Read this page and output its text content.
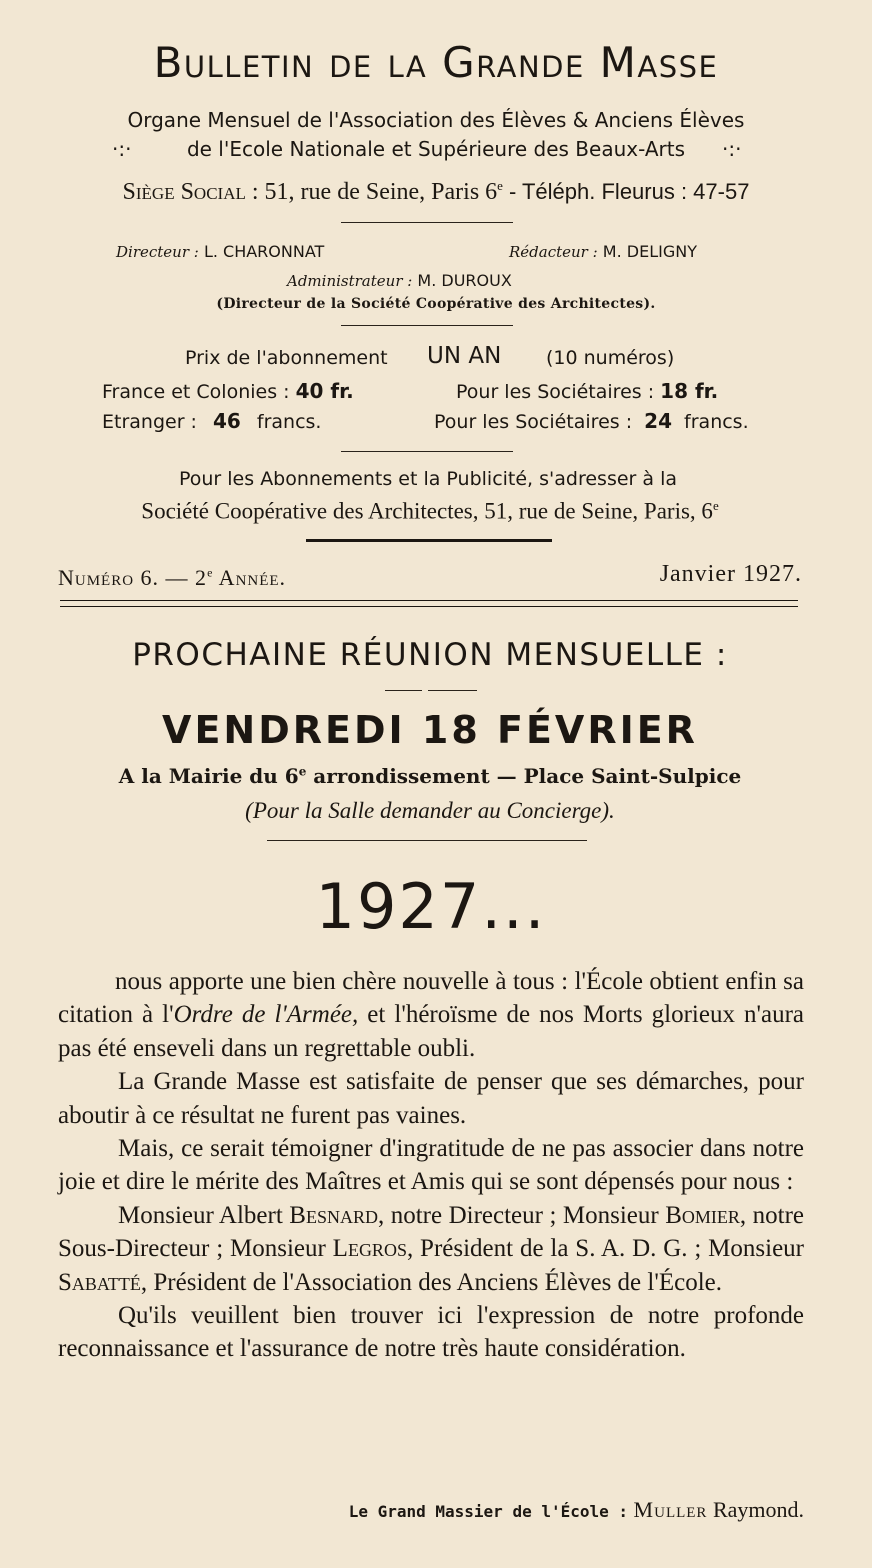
Bulletin de la Grande Masse
Organe Mensuel de l'Association des Élèves & Anciens Élèves
·:·	de l'Ecole Nationale et Supérieure des Beaux-Arts ·:·
Siège Social : 51, rue de Seine, Paris 6e - Téléph. Fleurus : 47-57
Directeur : L. CHARONNAT	Rédacteur : M. DELIGNY
Administrateur : M. DUROUX
(Directeur de la Société Coopérative des Architectes).
Prix de l'abonnement UN AN (10 numéros)
France et Colonies : 40 fr.	Pour les Sociétaires : 18 fr.
Etranger : 46 francs.	Pour les Sociétaires : 24 francs.
Pour les Abonnements et la Publicité, s'adresser à la
Société Coopérative des Architectes, 51, rue de Seine, Paris, 6e
Numéro 6. — 2e Année.	Janvier 1927.
PROCHAINE RÉUNION MENSUELLE :
VENDREDI 18 FÉVRIER
A la Mairie du 6e arrondissement — Place Saint-Sulpice
(Pour la Salle demander au Concierge).
1927...

nous apporte une bien chère nouvelle à tous : l'École obtient enfin sa citation à l'Ordre de l'Armée, et l'héroïsme de nos Morts glorieux n'aura pas été enseveli dans un regrettable oubli.

La Grande Masse est satisfaite de penser que ses démarches, pour aboutir à ce résultat ne furent pas vaines.

Mais, ce serait témoigner d'ingratitude de ne pas associer dans notre joie et dire le mérite des Maîtres et Amis qui se sont dépensés pour nous :

Monsieur Albert Besnard, notre Directeur ; Monsieur Bomier, notre Sous-Directeur ; Monsieur Legros, Président de la S. A. D. G. ; Monsieur Sabatté, Président de l'Association des Anciens Élèves de l'École.

Qu'ils veuillent bien trouver ici l'expression de notre profonde reconnaissance et l'assurance de notre très haute considération.

Le Grand Massier de l'École : Muller Raymond.
